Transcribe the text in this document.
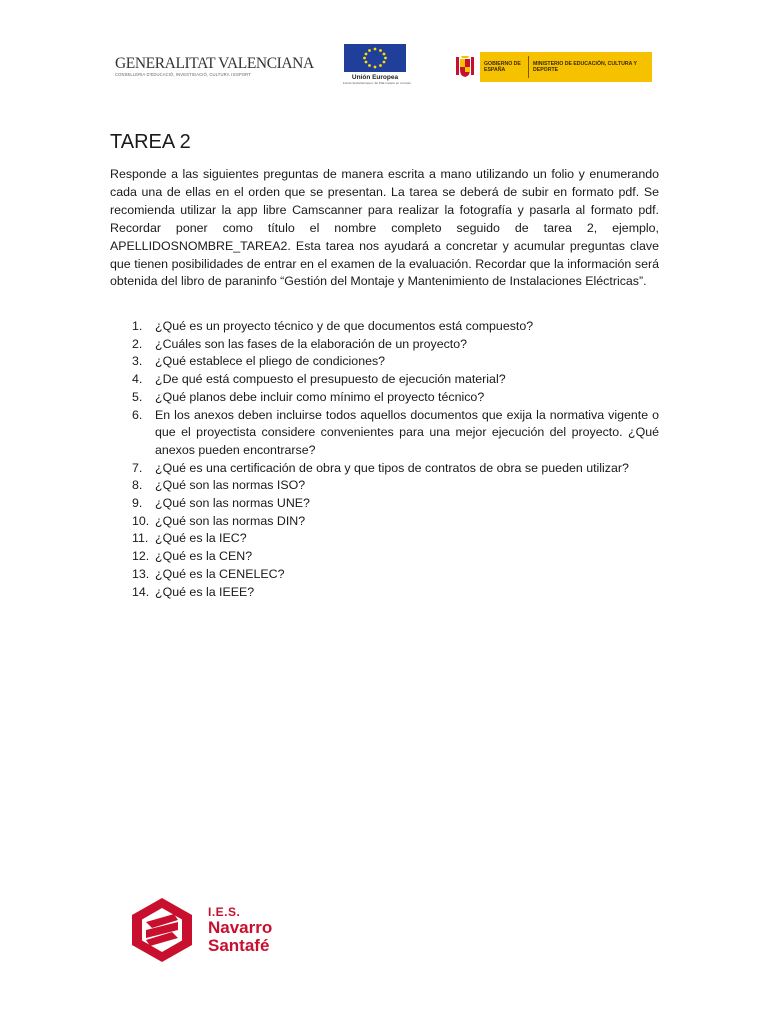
GENERALITAT VALENCIANA
CONSELLERIA D'EDUCACIÓ, INVESTIGACIÓ, CULTURA I ESPORT	Unión Europea
Fondo Social Europeo / El FSE invierte en tu futuro
GOBIERNO DE ESPAÑA
MINISTERIO DE EDUCACIÓN, CULTURA Y DEPORTE
TAREA 2

Responde a las siguientes preguntas de manera escrita a mano utilizando un folio y enumerando cada una de ellas en el orden que se presentan. La tarea se deberá de subir en formato pdf. Se recomienda utilizar la app libre Camscanner para realizar la fotografía y pasarla al formato pdf. Recordar poner como título el nombre completo seguido de tarea 2, ejemplo, APELLIDOSNOMBRE_TAREA2. Esta tarea nos ayudará a concretar y acumular preguntas clave que tienen posibilidades de entrar en el examen de la evaluación. Recordar que la información será obtenida del libro de paraninfo “Gestión del Montaje y Mantenimiento de Instalaciones Eléctricas”.

1.	¿Qué es un proyecto técnico y de que documentos está compuesto?
2.	¿Cuáles son las fases de la elaboración de un proyecto?
3.	¿Qué establece el pliego de condiciones?
4.	¿De qué está compuesto el presupuesto de ejecución material?
5.	¿Qué planos debe incluir como mínimo el proyecto técnico?
6.	En los anexos deben incluirse todos aquellos documentos que exija la normativa vigente o que el proyectista considere convenientes para una mejor ejecución del proyecto. ¿Qué anexos pueden encontrarse?
7.	¿Qué es una certificación de obra y que tipos de contratos de obra se pueden utilizar?
8.	¿Qué son las normas ISO?
9.	¿Qué son las normas UNE?
10. ¿Qué son las normas DIN?
11. ¿Qué es la IEC?
12. ¿Qué es la CEN?
13. ¿Qué es la CENELEC?
14. ¿Qué es la IEEE?
I.E.S.
Navarro
Santafé
